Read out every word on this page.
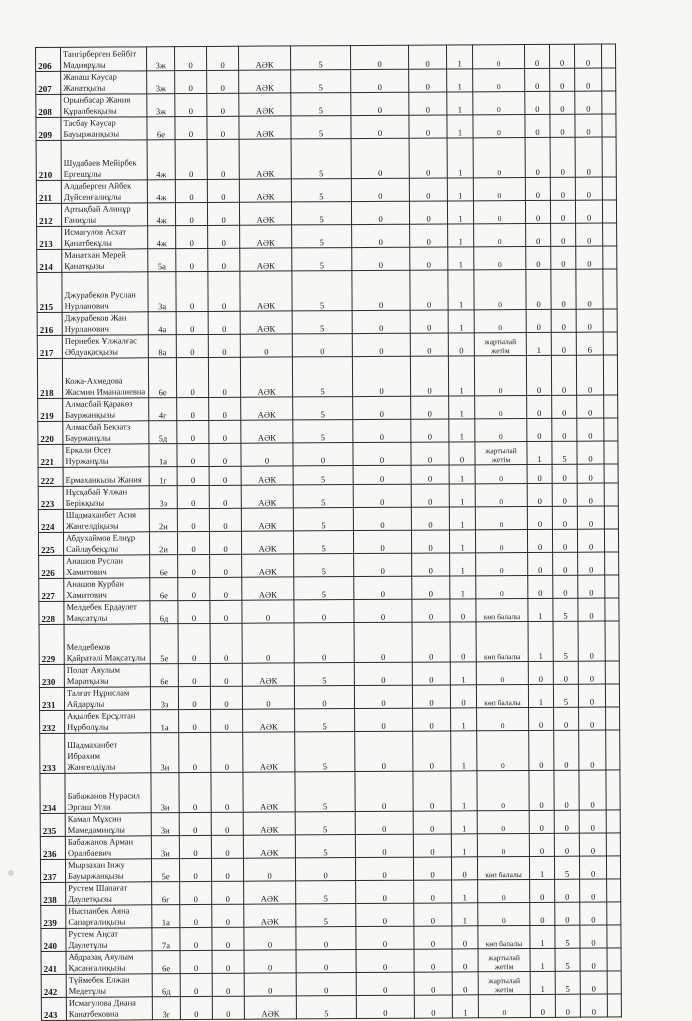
206	Тангірберген Бейбіт Мадиярұлы	3ж	0	0	АӘК	5	0	0	1	0	0	0	0	
207	Жапаш Кәусар Жанатқызы	3ж	0	0	АӘК	5	0	0	1	0	0	0	0	
208	Орынбасар Жания Құралбекқызы	3ж	0	0	АӘК	5	0	0	1	0	0	0	0	
209	Тасбау Кәусар Бауыржанқызы	6е	0	0	АӘК	5	0	0	1	0	0	0	0	
210	Шудабаев Мейірбек Ергешұлы	4ж	0	0	АӘК	5	0	0	1	0	0	0	0	
211	Алдаберген Айбек Дүйсенғалиұлы	4ж	0	0	АӘК	5	0	0	1	0	0	0	0	
212	Артықбай Алинұр Ғаниұлы	4ж	0	0	АӘК	5	0	0	1	0	0	0	0	
213	Исмагулов Асхат Қанатбекұлы	4ж	0	0	АӘК	5	0	0	1	0	0	0	0	
214	Манатхан Мерей Қанатқызы	5а	0	0	АӘК	5	0	0	1	0	0	0	0	
215	Джурабеков Руслан Нурланович	3а	0	0	АӘК	5	0	0	1	0	0	0	0	
216	Джурабеков Жан Нурланович	4а	0	0	АӘК	5	0	0	1	0	0	0	0	
217	Пернебек Ұлжалғас Әбдуақасқызы	8а	0	0	0	0	0	0	0	жартылай жетім	1	0	6	
218	Кожа-Ахмедова Жасмин Иманалиевна	6е	0	0	АӘК	5	0	0	1	0	0	0	0	
219	Алмасбай Қаракөз Бауржанқызы	4г	0	0	АӘК	5	0	0	1	0	0	0	0	
220	Алмасбай Бекзатз Бауржанұлы	5д	0	0	АӘК	5	0	0	1	0	0	0	0	
221	Еркали Өсет Нуржанұлы	1а	0	0	0	0	0	0	0	жартылай жетім	1	5	0	
222	Ермаханкызы Жания	1г	0	0	АӘК	5	0	0	1	0	0	0	0	
223	Нұсқабай Ұлжан Берікқызы	3з	0	0	АӘК	5	0	0	1	0	0	0	0	
224	Шадмаханбет Асия Жангелдіқызы	2и	0	0	АӘК	5	0	0	1	0	0	0	0	
225	Абдухаймов Елнұр Сайлаубекұлы	2и	0	0	АӘК	5	0	0	1	0	0	0	0	
226	Анашов Руслан Хамитович	6е	0	0	АӘК	5	0	0	1	0	0	0	0	
227	Анашов Курбан Хамитович	6е	0	0	АӘК	5	0	0	1	0	0	0	0	
228	Мелдебек Ердаулет Мақсатұлы	6д	0	0	0	0	0	0	0	көп балалы	1	5	0	
229	Мелдебеков Қайратәлі Мақсатұлы	5е	0	0	0	0	0	0	0	көп балалы	1	5	0	
230	Полат Аяулым Маратқызы	6е	0	0	АӘК	5	0	0	1	0	0	0	0	
231	Талғат Нұрислам Айдарұлы	3з	0	0	0	0	0	0	0	көп балалы	1	5	0	
232	Ақылбек Ерсұлтан Нұрболұлы	1а	0	0	АӘК	5	0	0	1	0	0	0	0	
233	Шадмаханбет Ибрахим Жангелдіұлы	3и	0	0	АӘК	5	0	0	1	0	0	0	0	
234	Бабажанов Нурасил Эргаш Угли	3и	0	0	АӘК	5	0	0	1	0	0	0	0	
235	Камал Мұхсин Мамедаминұлы	3и	0	0	АӘК	5	0	0	1	0	0	0	0	
236	Бабажанов Арман Оралбаевич	3и	0	0	АӘК	5	0	0	1	0	0	0	0	
237	Мырзахан Інжу Бауыржанқызы	5е	0	0	0	0	0	0	0	көп балалы	1	5	0	
238	Рустем Шапағат Даулетқызы	6г	0	0	АӘК	5	0	0	1	0	0	0	0	
239	Ныспанбек Аяна Сапарғалиқызы	1а	0	0	АӘК	5	0	0	1	0	0	0	0	
240	Рустем Аңсат Даулетұлы	7а	0	0	0	0	0	0	0	көп балалы	1	5	0	
241	Абдразақ Аяулым Қасанғалиқызы	6е	0	0	0	0	0	0	0	жартылай жетім	1	5	0	
242	Түймебек Елжан Медетұлы	6д	0	0	0	0	0	0	0	жартылай жетім	1	5	0	
243	Исмагулова Диана Канатбековна	3г	0	0	АӘК	5	0	0	1	0	0	0	0	
